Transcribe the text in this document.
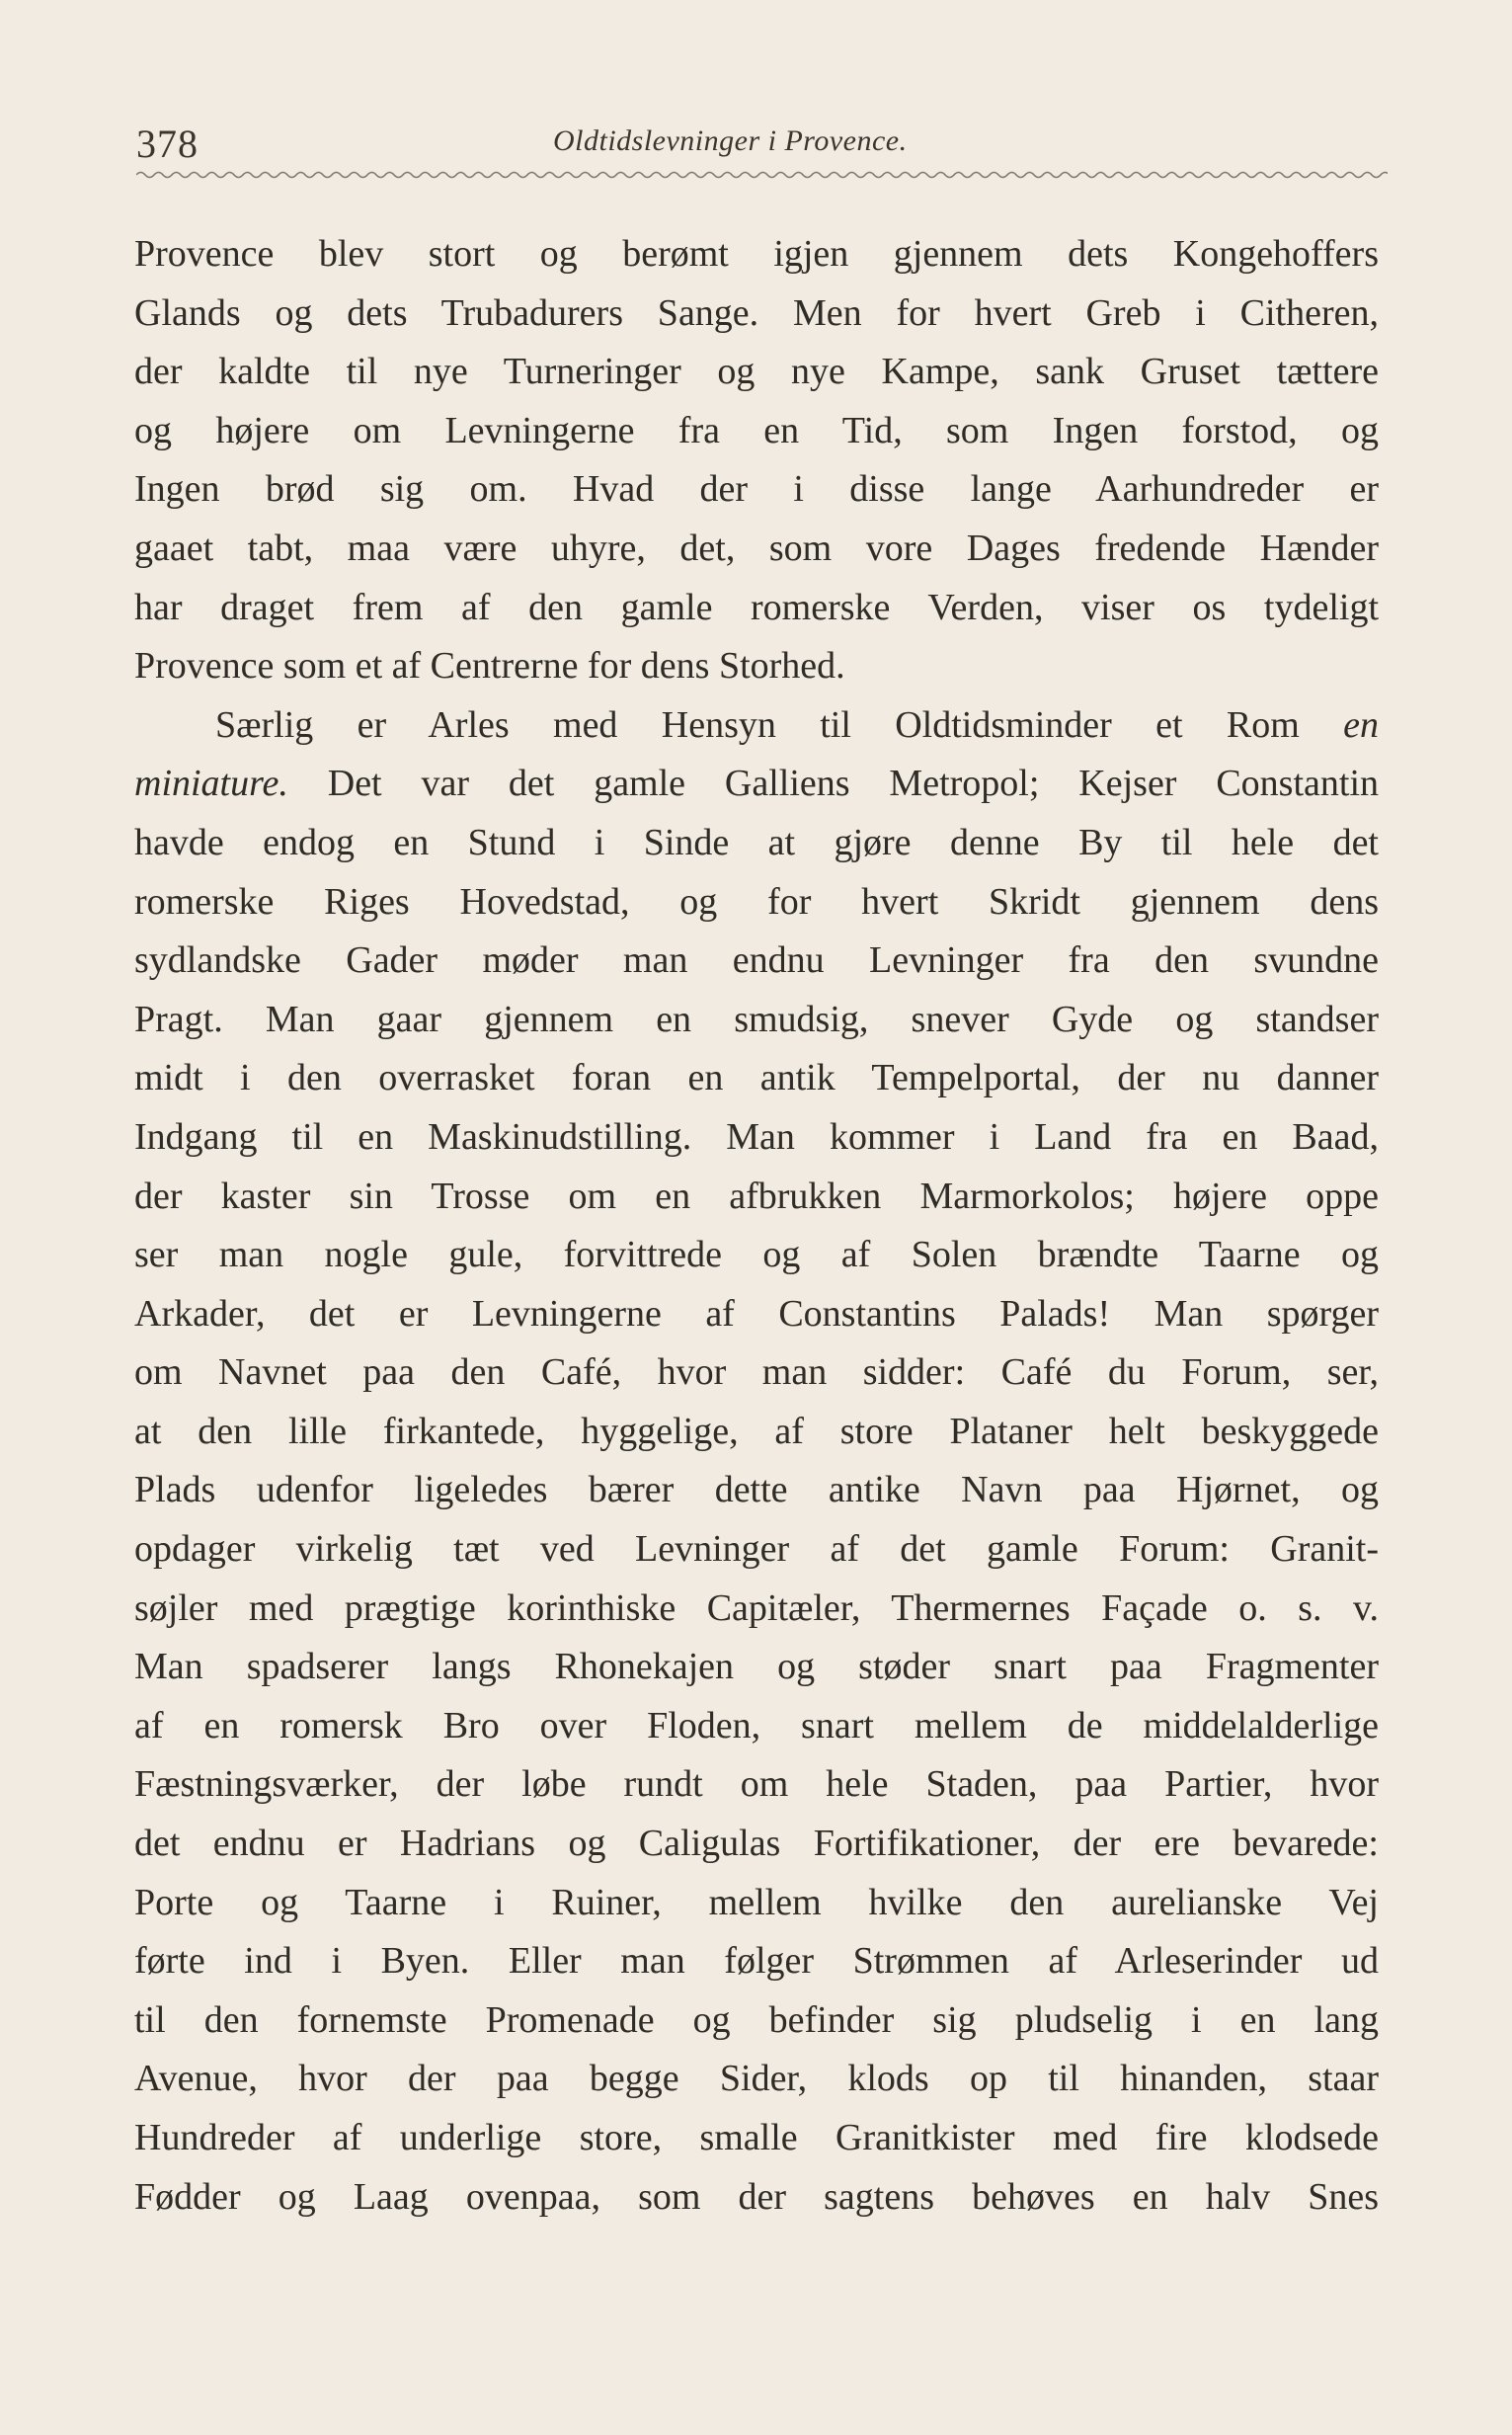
378	Oldtidslevninger i Provence.
Provence blev stort og berømt igjen gjennem dets Kongehoffers
Glands og dets Trubadurers Sange. Men for hvert Greb i Citheren,
der kaldte til nye Turneringer og nye Kampe, sank Gruset tættere
og højere om Levningerne fra en Tid, som Ingen forstod, og
Ingen brød sig om. Hvad der i disse lange Aarhundreder er
gaaet tabt, maa være uhyre, det, som vore Dages fredende Hænder
har draget frem af den gamle romerske Verden, viser os tydeligt
Provence som et af Centrerne for dens Storhed.
Særlig er Arles med Hensyn til Oldtidsminder et Rom en
miniature. Det var det gamle Galliens Metropol; Kejser Constantin
havde endog en Stund i Sinde at gjøre denne By til hele det
romerske Riges Hovedstad, og for hvert Skridt gjennem dens
sydlandske Gader møder man endnu Levninger fra den svundne
Pragt. Man gaar gjennem en smudsig, snever Gyde og standser
midt i den overrasket foran en antik Tempelportal, der nu danner
Indgang til en Maskinudstilling. Man kommer i Land fra en Baad,
der kaster sin Trosse om en afbrukken Marmorkolos; højere oppe
ser man nogle gule, forvittrede og af Solen brændte Taarne og
Arkader, det er Levningerne af Constantins Palads! Man spørger
om Navnet paa den Café, hvor man sidder: Café du Forum, ser,
at den lille firkantede, hyggelige, af store Plataner helt beskyggede
Plads udenfor ligeledes bærer dette antike Navn paa Hjørnet, og
opdager virkelig tæt ved Levninger af det gamle Forum: Granit-
søjler med prægtige korinthiske Capitæler, Thermernes Façade o. s. v.
Man spadserer langs Rhonekajen og støder snart paa Fragmenter
af en romersk Bro over Floden, snart mellem de middelalderlige
Fæstningsværker, der løbe rundt om hele Staden, paa Partier, hvor
det endnu er Hadrians og Caligulas Fortifikationer, der ere bevarede:
Porte og Taarne i Ruiner, mellem hvilke den aurelianske Vej
førte ind i Byen. Eller man følger Strømmen af Arleserinder ud
til den fornemste Promenade og befinder sig pludselig i en lang
Avenue, hvor der paa begge Sider, klods op til hinanden, staar
Hundreder af underlige store, smalle Granitkister med fire klodsede
Fødder og Laag ovenpaa, som der sagtens behøves en halv Snes
